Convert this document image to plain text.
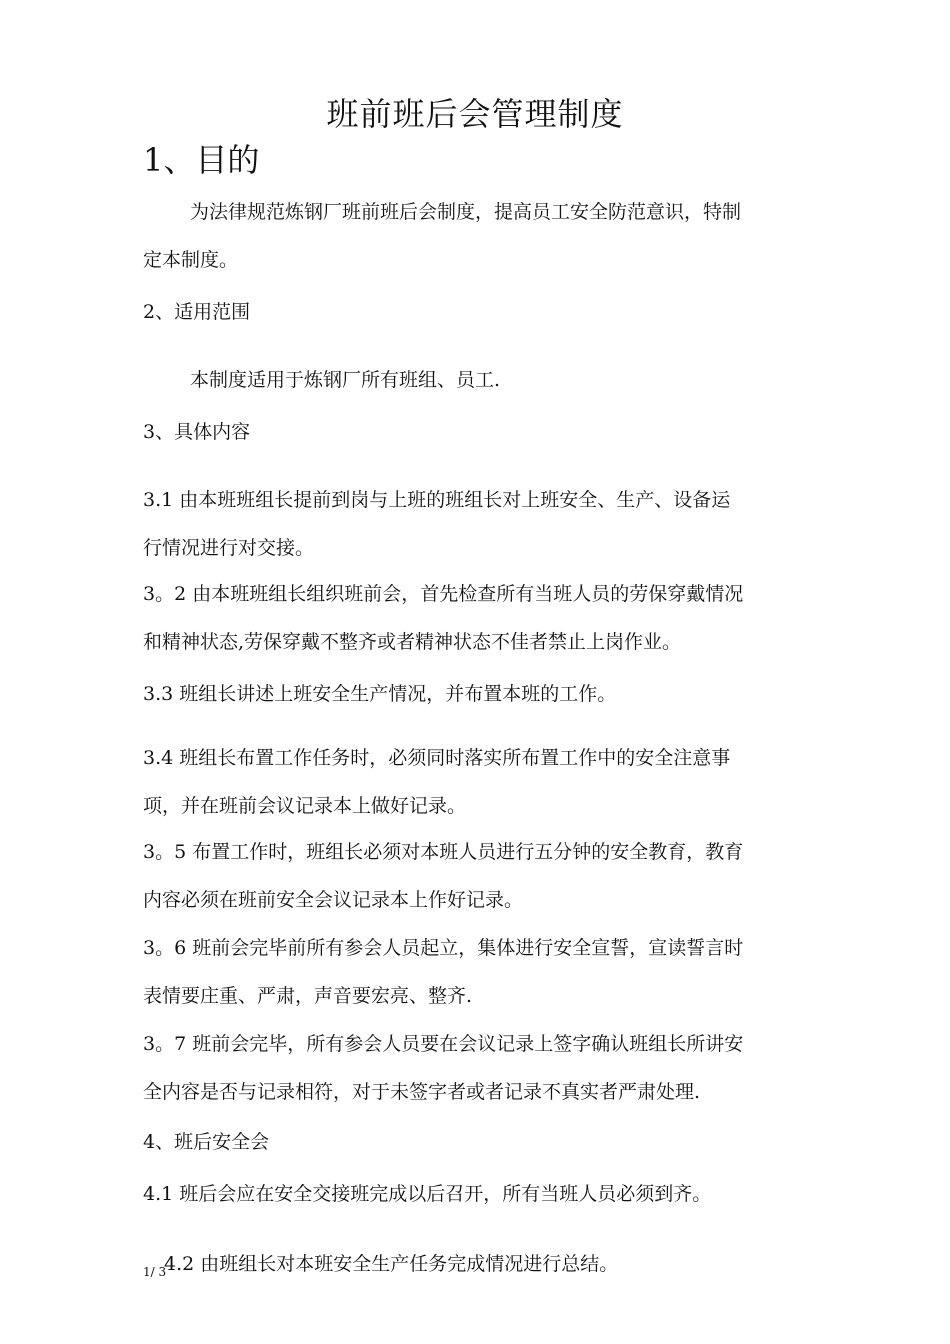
班前班后会管理制度
1、目的
为法律规范炼钢厂班前班后会制度，提高员工安全防范意识，特制
定本制度。
2、适用范围
本制度适用于炼钢厂所有班组、员工.
3、具体内容
3.1 由本班班组长提前到岗与上班的班组长对上班安全、生产、设备运
行情况进行对交接。
3。2 由本班班组长组织班前会，首先检查所有当班人员的劳保穿戴情况
和精神状态,劳保穿戴不整齐或者精神状态不佳者禁止上岗作业。
3.3 班组长讲述上班安全生产情况，并布置本班的工作。
3.4 班组长布置工作任务时，必须同时落实所布置工作中的安全注意事
项，并在班前会议记录本上做好记录。
3。5 布置工作时，班组长必须对本班人员进行五分钟的安全教育，教育
内容必须在班前安全会议记录本上作好记录。
3。6 班前会完毕前所有参会人员起立，集体进行安全宣誓，宣读誓言时
表情要庄重、严肃，声音要宏亮、整齐.
3。7 班前会完毕，所有参会人员要在会议记录上签字确认班组长所讲安
全内容是否与记录相符，对于未签字者或者记录不真实者严肃处理.
4、班后安全会
4.1 班后会应在安全交接班完成以后召开，所有当班人员必须到齐。
1/ 3
4.2 由班组长对本班安全生产任务完成情况进行总结。
